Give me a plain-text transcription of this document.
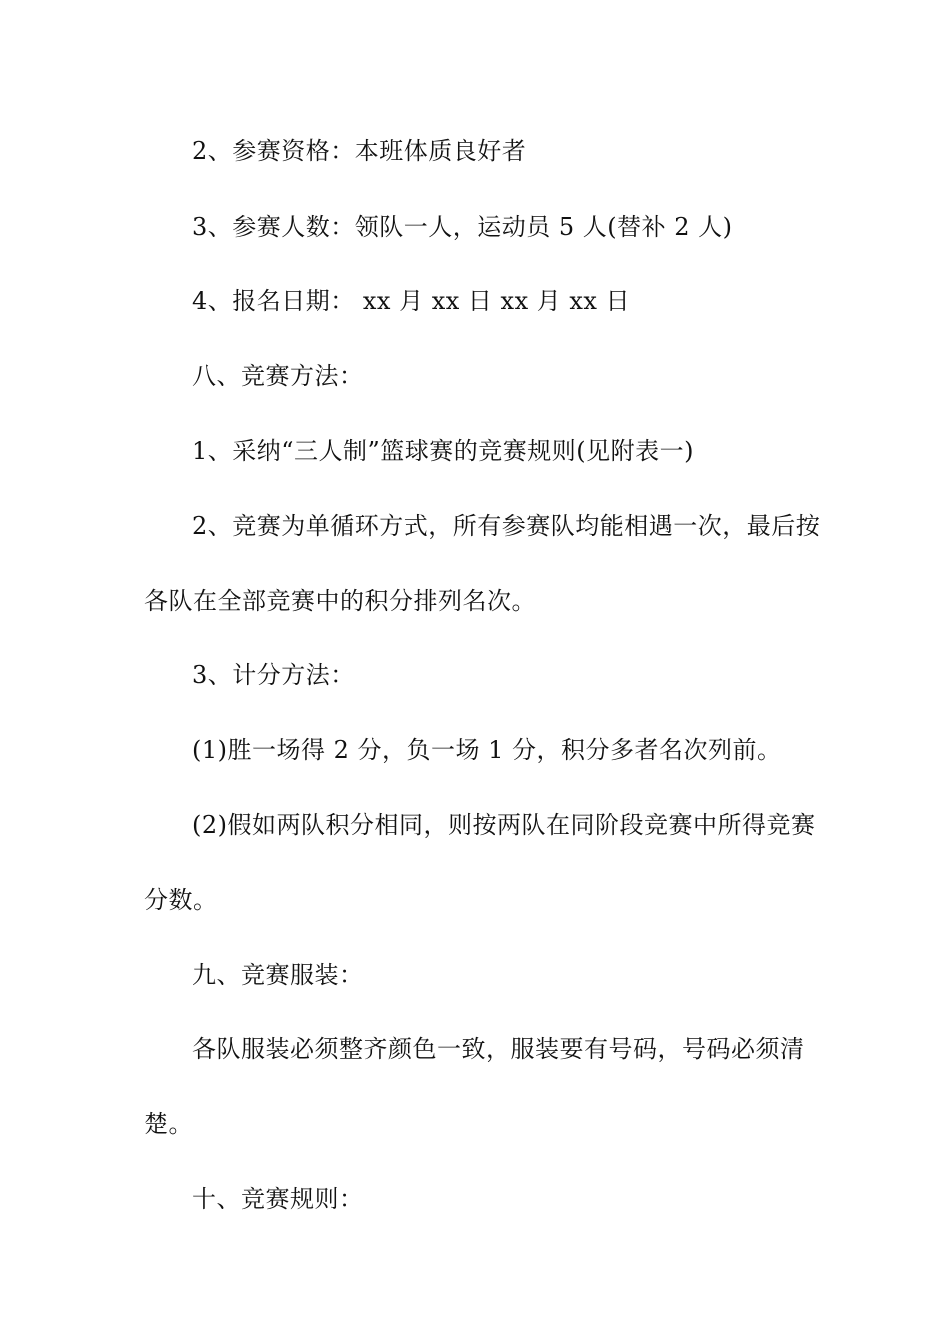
2、参赛资格：本班体质良好者
3、参赛人数：领队一人，运动员 5 人(替补 2 人)
4、报名日期： xx 月 xx 日 xx 月 xx 日
八、竞赛方法：
1、采纳“三人制”篮球赛的竞赛规则(见附表一)
2、竞赛为单循环方式，所有参赛队均能相遇一次，最后按
各队在全部竞赛中的积分排列名次。
3、计分方法：
(1)胜一场得 2 分，负一场 1 分，积分多者名次列前。
(2)假如两队积分相同，则按两队在同阶段竞赛中所得竞赛
分数。
九、竞赛服装：
各队服装必须整齐颜色一致，服装要有号码，号码必须清
楚。
十、竞赛规则：
